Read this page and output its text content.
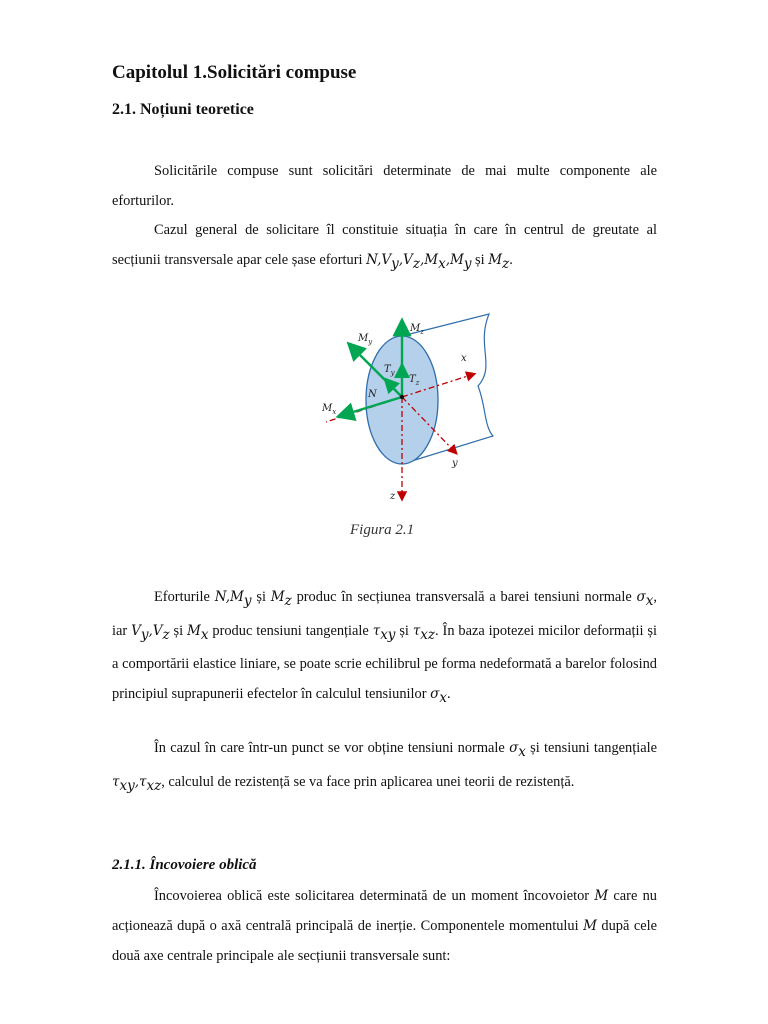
Capitolul 1.Solicitări compuse
2.1. Noțiuni teoretice

Solicitările compuse sunt solicitări determinate de mai multe componente ale eforturilor.

Cazul general de solicitare îl constituie situația în care în centrul de greutate al secțiunii transversale apar cele șase eforturi $N,V_y,V_z,M_x,M_y$ și $M_z$.

$M_y$
$M_z$
$M_x$
N
$T_y$
$T_z$
x
y
z

Figura 2.1

Eforturile $N,M_y$ și $M_z$ produc în secțiunea transversală a barei tensiuni normale $\sigma_x$, iar $V_y,V_z$ și $M_x$ produc tensiuni tangențiale $\tau_{xy}$ și $\tau_{xz}$. În baza ipotezei micilor deformații și a comportării elastice liniare, se poate scrie echilibrul pe forma nedeformată a barelor folosind principiul suprapunerii efectelor în calculul tensiunilor $\sigma_x$.

În cazul în care într-un punct se vor obține tensiuni normale $\sigma_x$ și tensiuni tangențiale $\tau_{xy},\tau_{xz}$, calculul de rezistență se va face prin aplicarea unei teorii de rezistență.

2.1.1. Încovoiere oblică

Încovoierea oblică este solicitarea determinată de un moment încovoietor M care nu acționează după o axă centrală principală de inerție. Componentele momentului M după cele două axe centrale principale ale secțiunii transversale sunt:
